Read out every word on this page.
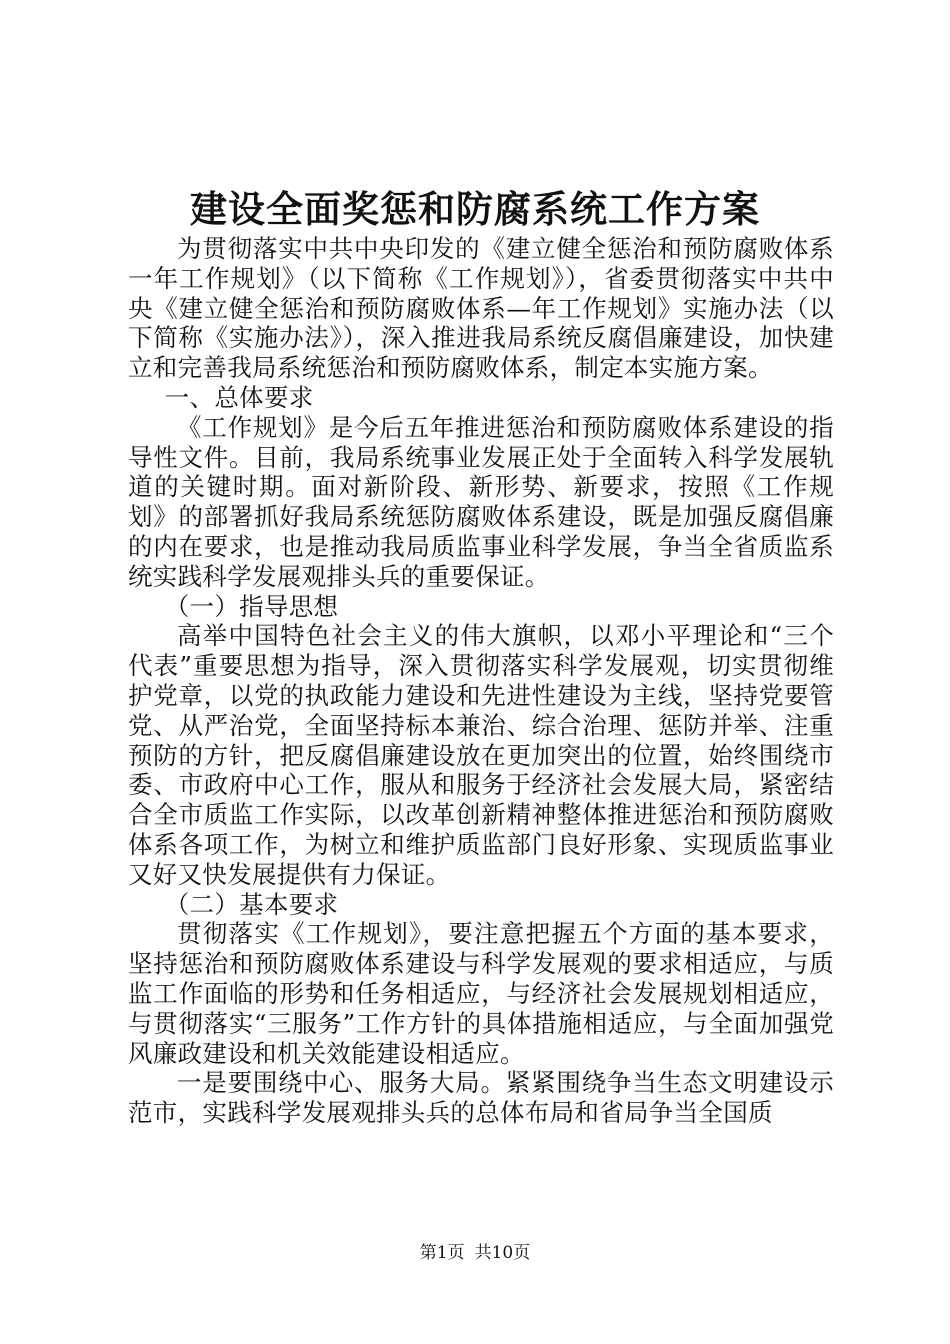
建设全面奖惩和防腐系统工作方案

为贯彻落实中共中央印发的《建立健全惩治和预防腐败体系一年工作规划》（以下简称《工作规划》），省委贯彻落实中共中央《建立健全惩治和预防腐败体系—年工作规划》实施办法（以下简称《实施办法》），深入推进我局系统反腐倡廉建设，加快建立和完善我局系统惩治和预防腐败体系，制定本实施方案。

一、总体要求

《工作规划》是今后五年推进惩治和预防腐败体系建设的指导性文件。目前，我局系统事业发展正处于全面转入科学发展轨道的关键时期。面对新阶段、新形势、新要求，按照《工作规划》的部署抓好我局系统惩防腐败体系建设，既是加强反腐倡廉的内在要求，也是推动我局质监事业科学发展，争当全省质监系统实践科学发展观排头兵的重要保证。

（一）指导思想

高举中国特色社会主义的伟大旗帜，以邓小平理论和“三个代表”重要思想为指导，深入贯彻落实科学发展观，切实贯彻维护党章，以党的执政能力建设和先进性建设为主线，坚持党要管党、从严治党，全面坚持标本兼治、综合治理、惩防并举、注重预防的方针，把反腐倡廉建设放在更加突出的位置，始终围绕市委、市政府中心工作，服从和服务于经济社会发展大局，紧密结合全市质监工作实际，以改革创新精神整体推进惩治和预防腐败体系各项工作，为树立和维护质监部门良好形象、实现质监事业又好又快发展提供有力保证。

（二）基本要求

贯彻落实《工作规划》，要注意把握五个方面的基本要求，坚持惩治和预防腐败体系建设与科学发展观的要求相适应，与质监工作面临的形势和任务相适应，与经济社会发展规划相适应，与贯彻落实“三服务”工作方针的具体措施相适应，与全面加强党风廉政建设和机关效能建设相适应。

一是要围绕中心、服务大局。紧紧围绕争当生态文明建设示范市，实践科学发展观排头兵的总体布局和省局争当全国质

第1页 共10页
